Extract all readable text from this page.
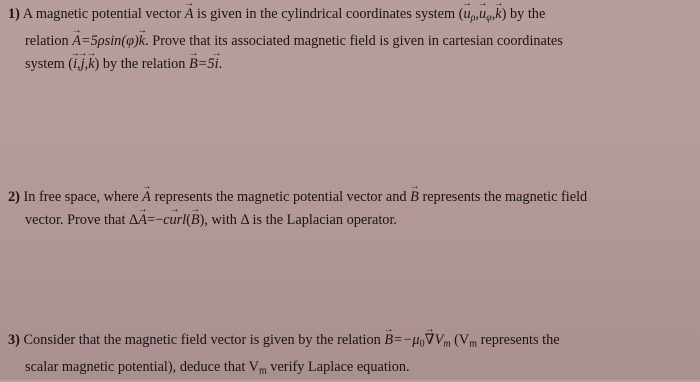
1) A magnetic potential vector → A is given in the cylindrical coordinates system (→ $u_\rho,\to u_\varphi,\to k$) by the
relation → A=5ρsin(φ)→ k. Prove that its associated magnetic field is given in cartesian coordinates
system (→ i,→ j,→ k) by the relation → B=5→ i.
2) In free space, where → A represents the magnetic potential vector and → B represents the magnetic field
vector. Prove that Δ→ A=−→ curl(→ B), with Δ is the Laplacian operator.
3) Consider that the magnetic field vector is given by the relation → $B=-\mu_0\to \nabla V_m$ ($V_m$ represents the
scalar magnetic potential), deduce that $V_m$ verify Laplace equation.
